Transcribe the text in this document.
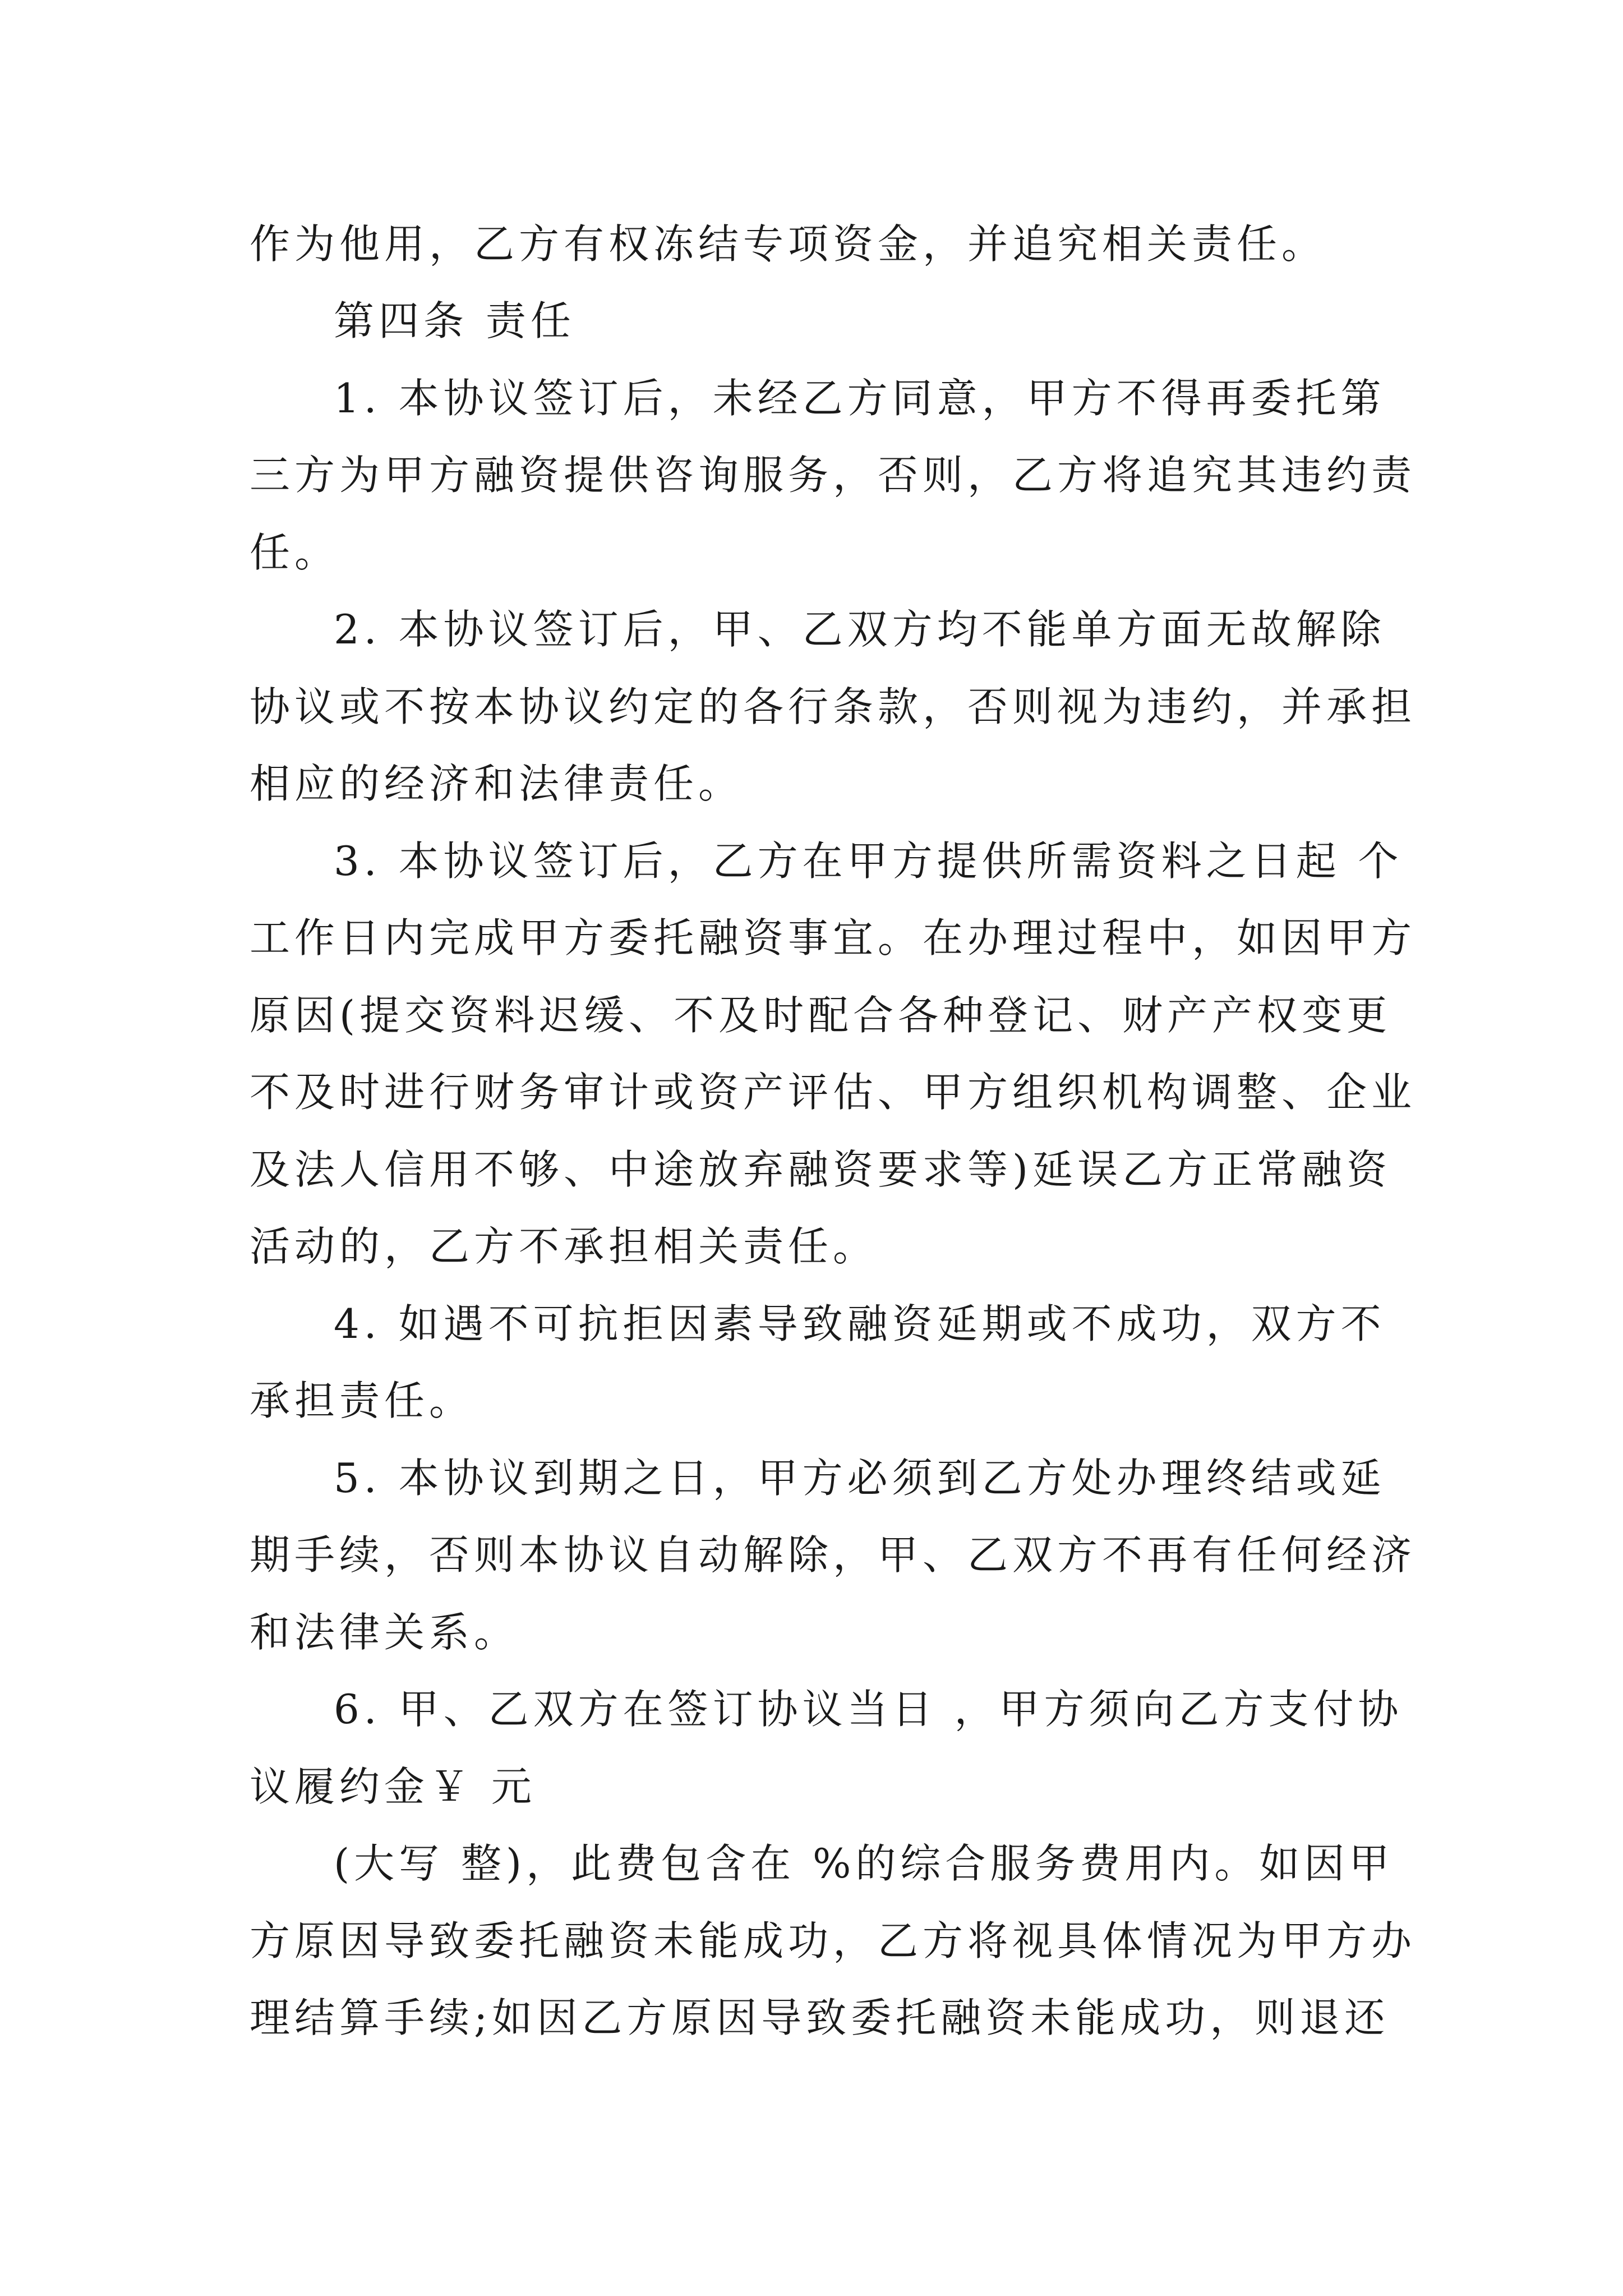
作为他用，乙方有权冻结专项资金，并追究相关责任。
第四条 责任
1. 本协议签订后，未经乙方同意，甲方不得再委托第
三方为甲方融资提供咨询服务，否则，乙方将追究其违约责
任。
2. 本协议签订后，甲、乙双方均不能单方面无故解除
协议或不按本协议约定的各行条款，否则视为违约，并承担
相应的经济和法律责任。
3. 本协议签订后，乙方在甲方提供所需资料之日起 个
工作日内完成甲方委托融资事宜。在办理过程中，如因甲方
原因(提交资料迟缓、不及时配合各种登记、财产产权变更
不及时进行财务审计或资产评估、甲方组织机构调整、企业
及法人信用不够、中途放弃融资要求等)延误乙方正常融资
活动的，乙方不承担相关责任。
4. 如遇不可抗拒因素导致融资延期或不成功，双方不
承担责任。
5. 本协议到期之日，甲方必须到乙方处办理终结或延
期手续，否则本协议自动解除，甲、乙双方不再有任何经济
和法律关系。
6. 甲、乙双方在签订协议当日 ，甲方须向乙方支付协
议履约金￥ 元
(大写 整)，此费包含在 %的综合服务费用内。如因甲
方原因导致委托融资未能成功，乙方将视具体情况为甲方办
理结算手续;如因乙方原因导致委托融资未能成功，则退还
